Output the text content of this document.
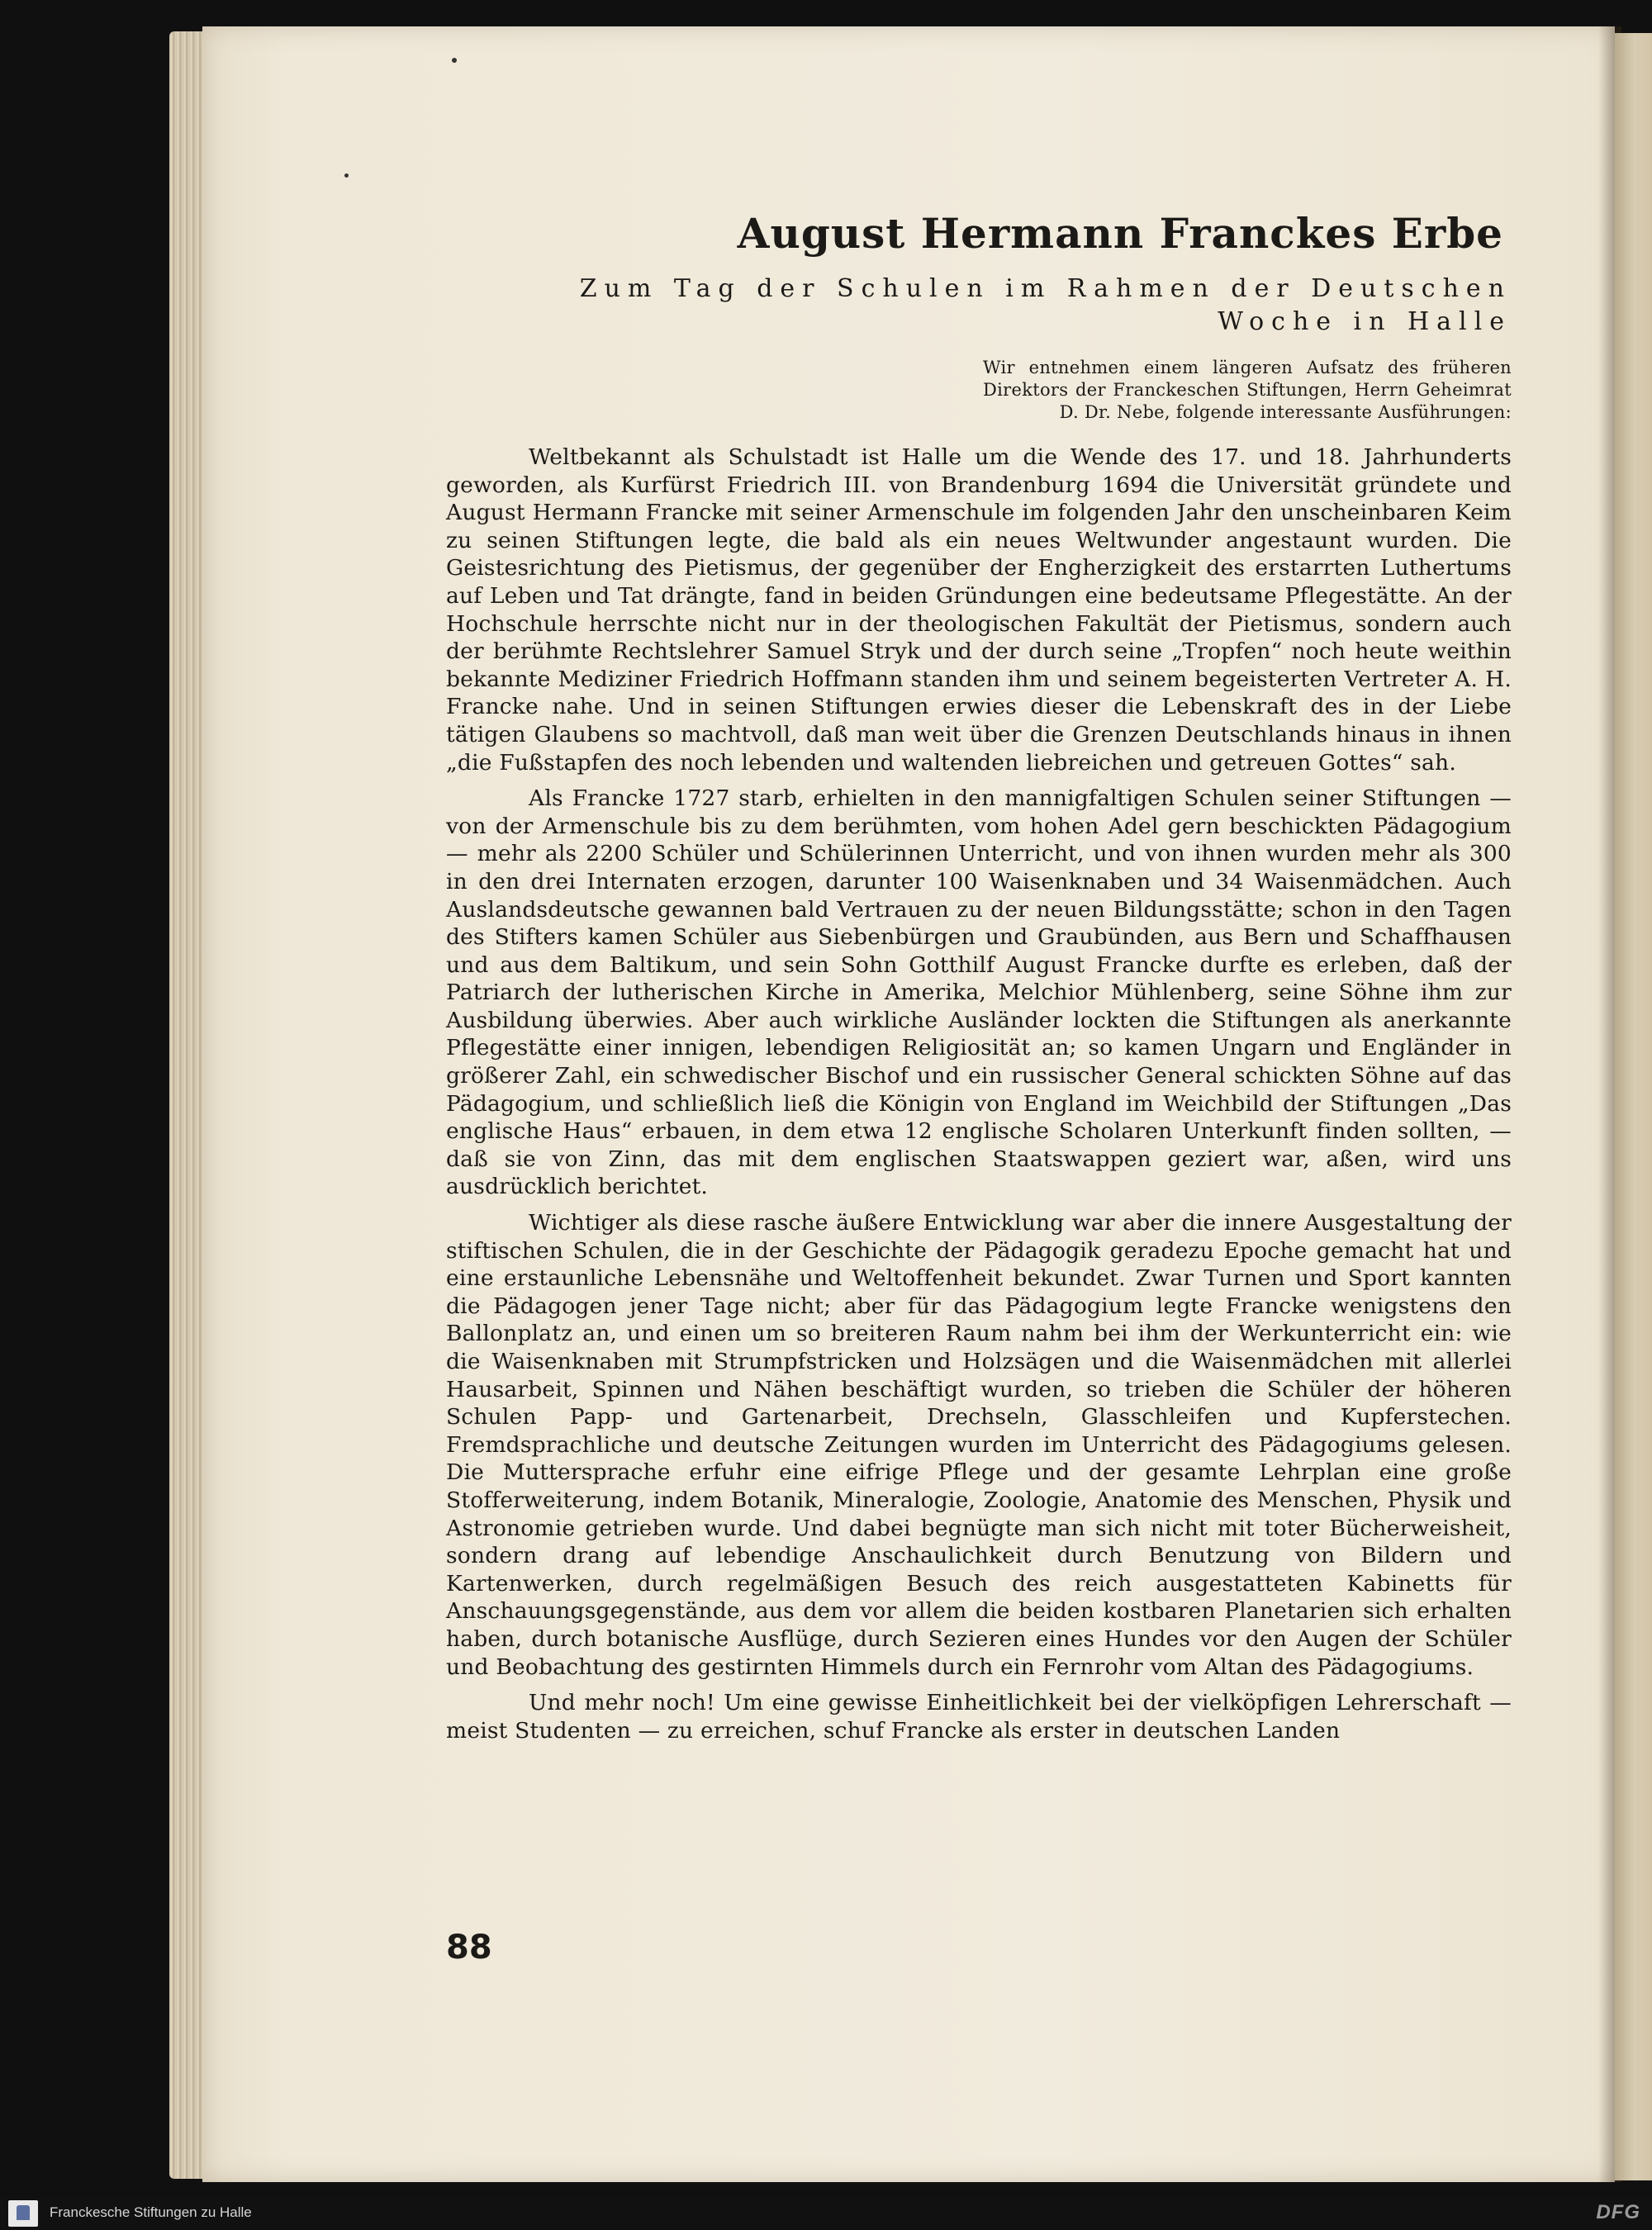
August Hermann Franckes Erbe
Zum Tag der Schulen im Rahmen der Deutschen Woche in Halle
Wir entnehmen einem längeren Aufsatz des früheren Direktors der Franckeschen Stiftungen, Herrn Geheimrat D. Dr. Nebe, folgende interessante Ausführungen:

Weltbekannt als Schulstadt ist Halle um die Wende des 17. und 18. Jahrhunderts geworden, als Kurfürst Friedrich III. von Brandenburg 1694 die Universität gründete und August Hermann Francke mit seiner Armenschule im folgenden Jahr den unscheinbaren Keim zu seinen Stiftungen legte, die bald als ein neues Weltwunder angestaunt wurden. Die Geistesrichtung des Pietismus, der gegenüber der Engherzigkeit des erstarrten Luthertums auf Leben und Tat drängte, fand in beiden Gründungen eine bedeutsame Pflegestätte. An der Hochschule herrschte nicht nur in der theologischen Fakultät der Pietismus, sondern auch der berühmte Rechtslehrer Samuel Stryk und der durch seine „Tropfen“ noch heute weithin bekannte Mediziner Friedrich Hoffmann standen ihm und seinem begeisterten Vertreter A. H. Francke nahe. Und in seinen Stiftungen erwies dieser die Lebenskraft des in der Liebe tätigen Glaubens so machtvoll, daß man weit über die Grenzen Deutschlands hinaus in ihnen „die Fußstapfen des noch lebenden und waltenden liebreichen und getreuen Gottes“ sah.

Als Francke 1727 starb, erhielten in den mannigfaltigen Schulen seiner Stiftungen — von der Armenschule bis zu dem berühmten, vom hohen Adel gern beschickten Pädagogium — mehr als 2200 Schüler und Schülerinnen Unterricht, und von ihnen wurden mehr als 300 in den drei Internaten erzogen, darunter 100 Waisenknaben und 34 Waisenmädchen. Auch Auslandsdeutsche gewannen bald Vertrauen zu der neuen Bildungsstätte; schon in den Tagen des Stifters kamen Schüler aus Siebenbürgen und Graubünden, aus Bern und Schaffhausen und aus dem Baltikum, und sein Sohn Gotthilf August Francke durfte es erleben, daß der Patriarch der lutherischen Kirche in Amerika, Melchior Mühlenberg, seine Söhne ihm zur Ausbildung überwies. Aber auch wirkliche Ausländer lockten die Stiftungen als anerkannte Pflegestätte einer innigen, lebendigen Religiosität an; so kamen Ungarn und Engländer in größerer Zahl, ein schwedischer Bischof und ein russischer General schickten Söhne auf das Pädagogium, und schließlich ließ die Königin von England im Weichbild der Stiftungen „Das englische Haus“ erbauen, in dem etwa 12 englische Scholaren Unterkunft finden sollten, — daß sie von Zinn, das mit dem englischen Staatswappen geziert war, aßen, wird uns ausdrücklich berichtet.

Wichtiger als diese rasche äußere Entwicklung war aber die innere Ausgestaltung der stiftischen Schulen, die in der Geschichte der Pädagogik geradezu Epoche gemacht hat und eine erstaunliche Lebensnähe und Weltoffenheit bekundet. Zwar Turnen und Sport kannten die Pädagogen jener Tage nicht; aber für das Pädagogium legte Francke wenigstens den Ballonplatz an, und einen um so breiteren Raum nahm bei ihm der Werkunterricht ein: wie die Waisenknaben mit Strumpfstricken und Holzsägen und die Waisenmädchen mit allerlei Hausarbeit, Spinnen und Nähen beschäftigt wurden, so trieben die Schüler der höheren Schulen Papp- und Gartenarbeit, Drechseln, Glasschleifen und Kupferstechen. Fremdsprachliche und deutsche Zeitungen wurden im Unterricht des Pädagogiums gelesen. Die Muttersprache erfuhr eine eifrige Pflege und der gesamte Lehrplan eine große Stofferweiterung, indem Botanik, Mineralogie, Zoologie, Anatomie des Menschen, Physik und Astronomie getrieben wurde. Und dabei begnügte man sich nicht mit toter Bücherweisheit, sondern drang auf lebendige Anschaulichkeit durch Benutzung von Bildern und Kartenwerken, durch regelmäßigen Besuch des reich ausgestatteten Kabinetts für Anschauungsgegenstände, aus dem vor allem die beiden kostbaren Planetarien sich erhalten haben, durch botanische Ausflüge, durch Sezieren eines Hundes vor den Augen der Schüler und Beobachtung des gestirnten Himmels durch ein Fernrohr vom Altan des Pädagogiums.

Und mehr noch! Um eine gewisse Einheitlichkeit bei der vielköpfigen Lehrerschaft — meist Studenten — zu erreichen, schuf Francke als erster in deutschen Landen

88
Franckesche Stiftungen zu Halle	DFG
